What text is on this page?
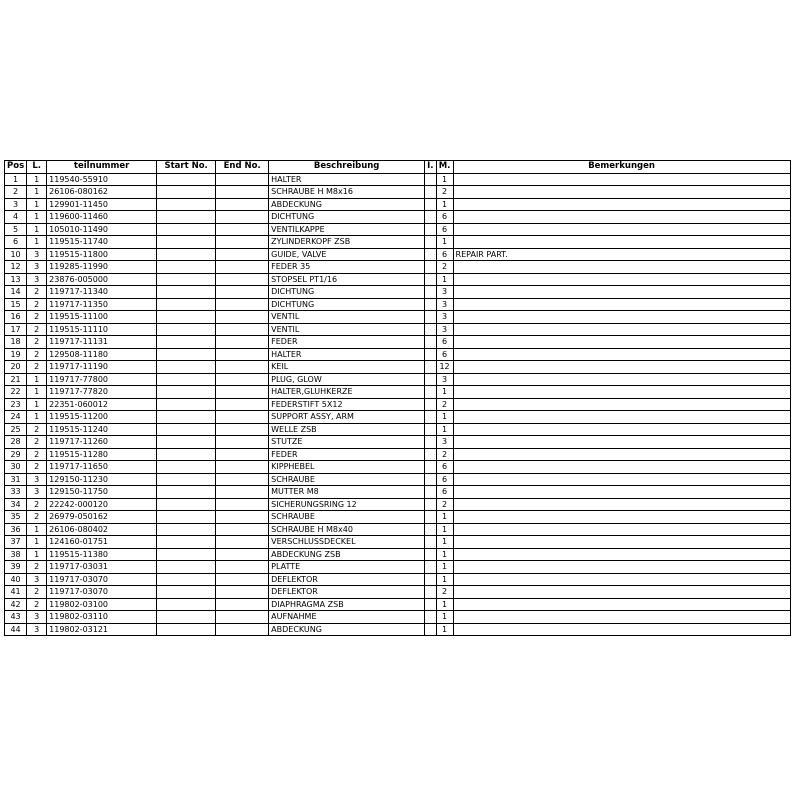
Pos	L.	teilnummer	Start No.	End No.	Beschreibung	I.	M.	Bemerkungen
1	1	119540-55910			HALTER		1	
2	1	26106-080162			SCHRAUBE H M8x16		2	
3	1	129901-11450			ABDECKUNG		1	
4	1	119600-11460			DICHTUNG		6	
5	1	105010-11490			VENTILKAPPE		6	
6	1	119515-11740			ZYLINDERKOPF ZSB		1	
10	3	119515-11800			GUIDE, VALVE		6	REPAIR PART.
12	3	119285-11990			FEDER 35		2	
13	3	23876-005000			STOPSEL PT1/16		1	
14	2	119717-11340			DICHTUNG		3	
15	2	119717-11350			DICHTUNG		3	
16	2	119515-11100			VENTIL		3	
17	2	119515-11110			VENTIL		3	
18	2	119717-11131			FEDER		6	
19	2	129508-11180			HALTER		6	
20	2	119717-11190			KEIL		12	
21	1	119717-77800			PLUG, GLOW		3	
22	1	119717-77820			HALTER,GLUHKERZE		1	
23	1	22351-060012			FEDERSTIFT 5X12		2	
24	1	119515-11200			SUPPORT ASSY, ARM		1	
25	2	119515-11240			WELLE ZSB		1	
28	2	119717-11260			STUTZE		3	
29	2	119515-11280			FEDER		2	
30	2	119717-11650			KIPPHEBEL		6	
31	3	129150-11230			SCHRAUBE		6	
33	3	129150-11750			MUTTER M8		6	
34	2	22242-000120			SICHERUNGSRING 12		2	
35	2	26979-050162			SCHRAUBE		1	
36	1	26106-080402			SCHRAUBE H M8x40		1	
37	1	124160-01751			VERSCHLUSSDECKEL		1	
38	1	119515-11380			ABDECKUNG ZSB		1	
39	2	119717-03031			PLATTE		1	
40	3	119717-03070			DEFLEKTOR		1	
41	2	119717-03070			DEFLEKTOR		2	
42	2	119802-03100			DIAPHRAGMA ZSB		1	
43	3	119802-03110			AUFNAHME		1	
44	3	119802-03121			ABDECKUNG		1	
